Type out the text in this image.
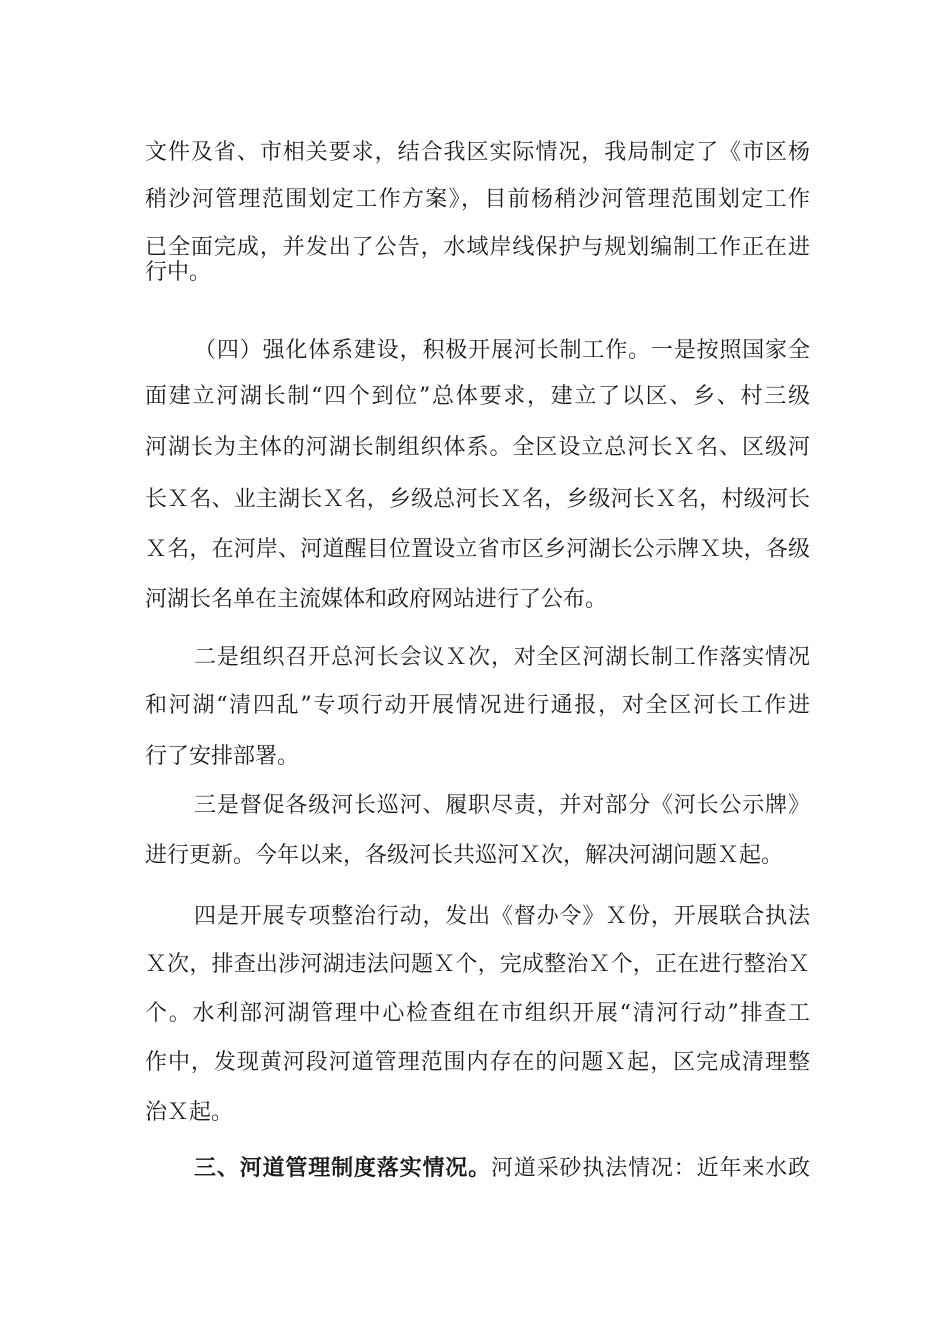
文件及省、市相关要求，结合我区实际情况，我局制定了《市区杨
稍沙河管理范围划定工作方案》，目前杨稍沙河管理范围划定工作
已全面完成，并发出了公告，水域岸线保护与规划编制工作正在进
行中。
（四）强化体系建设，积极开展河长制工作。一是按照国家全
面建立河湖长制“四个到位”总体要求，建立了以区、乡、村三级
河湖长为主体的河湖长制组织体系。全区设立总河长Ｘ名、区级河
长Ｘ名、业主湖长Ｘ名，乡级总河长Ｘ名，乡级河长Ｘ名，村级河长
Ｘ名，在河岸、河道醒目位置设立省市区乡河湖长公示牌Ｘ块，各级
河湖长名单在主流媒体和政府网站进行了公布。
二是组织召开总河长会议Ｘ次，对全区河湖长制工作落实情况
和河湖“清四乱”专项行动开展情况进行通报，对全区河长工作进
行了安排部署。
三是督促各级河长巡河、履职尽责，并对部分《河长公示牌》
进行更新。今年以来，各级河长共巡河Ｘ次，解决河湖问题Ｘ起。
四是开展专项整治行动，发出《督办令》Ｘ份，开展联合执法
Ｘ次，排查出涉河湖违法问题Ｘ个，完成整治Ｘ个，正在进行整治Ｘ
个。水利部河湖管理中心检查组在市组织开展“清河行动”排查工
作中，发现黄河段河道管理范围内存在的问题Ｘ起，区完成清理整
治Ｘ起。
三、河道管理制度落实情况。河道采砂执法情况：近年来水政
